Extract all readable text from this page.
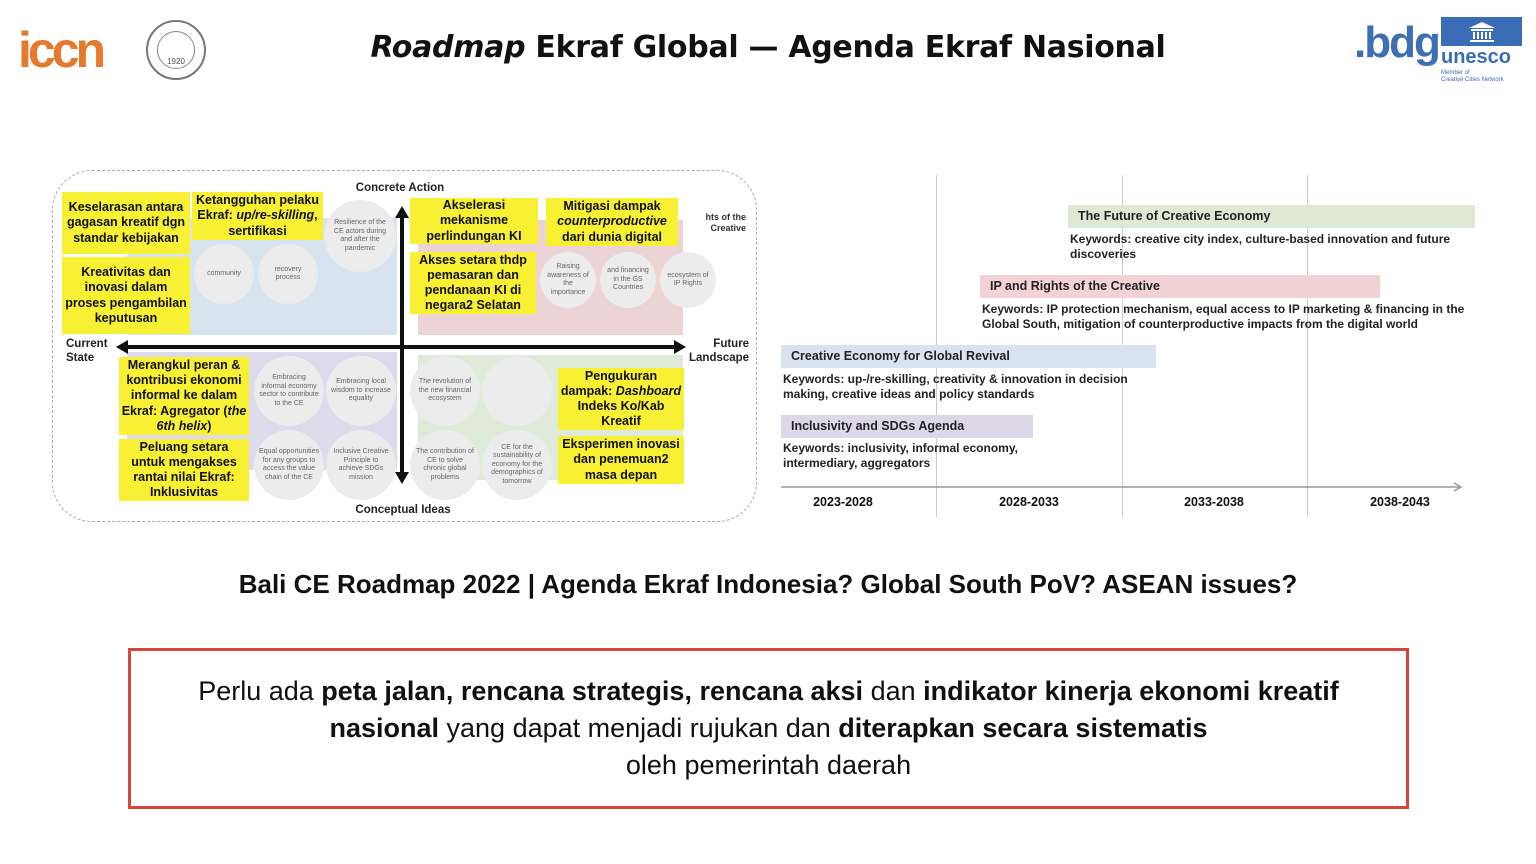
iccn	1920	Roadmap Ekraf Global — Agenda Ekraf Nasional	.bdg unesco
Member of
Creative Cities Network
community
recovery process
Resilience of the CE actors during and after the pandemic
Raising awareness of the importance
and financing in the GS Countries
ecosystem of IP Rights
hts of the Creative
Embracing informal economy sector to contribute to the CE
Embracing local wisdom to increase equality
Equal opportunities for any groups to access the value chain of the CE
Inclusive Creative Principle to achieve SDGs mission
The revolution of the new financial ecosystem
The contribution of CE to solve chronic global problems
CE for the sustainability of economy for the demographics of tomorrow
Concrete Action
Conceptual Ideas
Current
State
Future
Landscape
Keselarasan antara gagasan kreatif dgn standar kebijakan
Ketangguhan pelaku Ekraf: up/re-skilling, sertifikasi
Kreativitas dan inovasi dalam proses pengambilan keputusan
Akselerasi mekanisme perlindungan KI
Akses setara thdp pemasaran dan pendanaan KI di negara2 Selatan
Mitigasi dampak counterproductive dari dunia digital
Merangkul peran & kontribusi ekonomi informal ke dalam Ekraf: Agregator (the 6th helix)
Peluang setara untuk mengakses rantai nilai Ekraf: Inklusivitas
Pengukuran dampak: Dashboard Indeks Ko/Kab Kreatif
Eksperimen inovasi dan penemuan2 masa depan
2023-2028	2028-2033	2033-2038	2038-2043
The Future of Creative Economy
Keywords: creative city index, culture-based innovation and future discoveries
IP and Rights of the Creative
Keywords: IP protection mechanism, equal access to IP marketing & financing in the Global South, mitigation of counterproductive impacts from the digital world
Creative Economy for Global Revival
Keywords: up-/re-skilling, creativity & innovation in decision making, creative ideas and policy standards
Inclusivity and SDGs Agenda
Keywords: inclusivity, informal economy, intermediary, aggregators
Bali CE Roadmap 2022 | Agenda Ekraf Indonesia? Global South PoV? ASEAN issues?
Perlu ada peta jalan, rencana strategis, rencana aksi dan indikator kinerja ekonomi kreatif nasional yang dapat menjadi rujukan dan diterapkan secara sistematis
oleh pemerintah daerah
